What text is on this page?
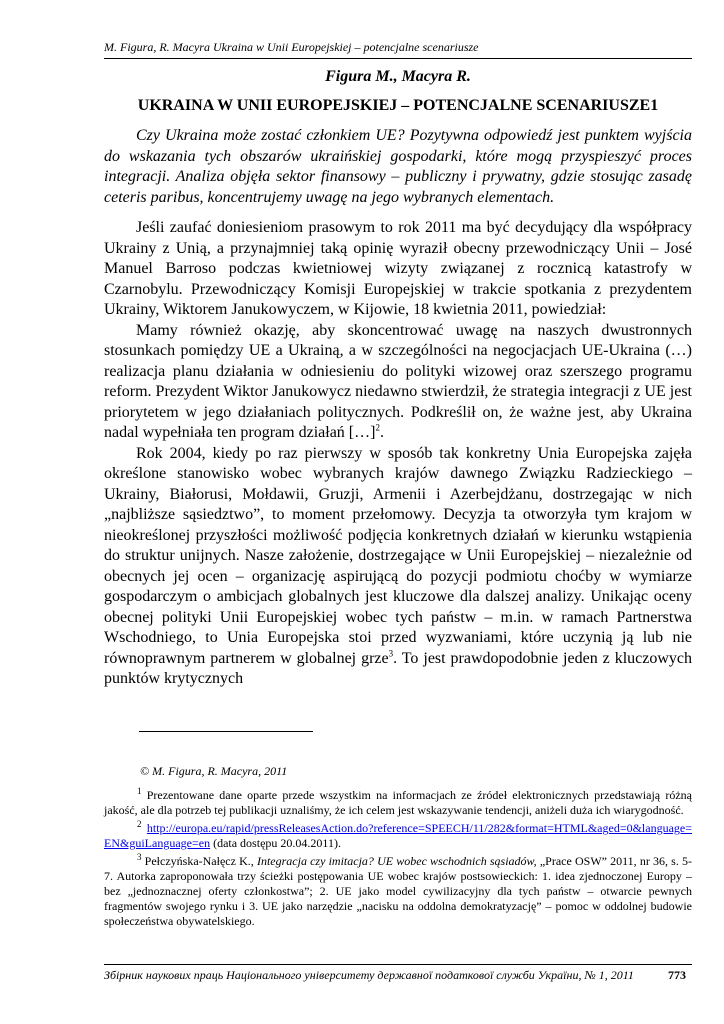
M. Figura, R. Macyra Ukraina w Unii Europejskiej – potencjalne scenariusze
Figura M., Macyra R.
UKRAINA W UNII EUROPEJSKIEJ – POTENCJALNE SCENARIUSZE1

Czy Ukraina może zostać członkiem UE? Pozytywna odpowiedź jest punktem wyjścia do wskazania tych obszarów ukraińskiej gospodarki, które mogą przyspieszyć proces integracji. Analiza objęła sektor finansowy – publiczny i prywatny, gdzie stosując zasadę ceteris paribus, koncentrujemy uwagę na jego wybranych elementach.

Jeśli zaufać doniesieniom prasowym to rok 2011 ma być decydujący dla współpracy Ukrainy z Unią, a przynajmniej taką opinię wyraził obecny przewodniczący Unii – José Manuel Barroso podczas kwietniowej wizyty związanej z rocznicą katastrofy w Czarnobylu. Przewodniczący Komisji Europejskiej w trakcie spotkania z prezydentem Ukrainy, Wiktorem Janukowyczem, w Kijowie, 18 kwietnia 2011, powiedział:

Mamy również okazję, aby skoncentrować uwagę na naszych dwustronnych stosunkach pomiędzy UE a Ukrainą, a w szczególności na negocjacjach UE-Ukraina (…) realizacja planu działania w odniesieniu do polityki wizowej oraz szerszego programu reform. Prezydent Wiktor Janukowycz niedawno stwierdził, że strategia integracji z UE jest priorytetem w jego działaniach politycznych. Podkreślił on, że ważne jest, aby Ukraina nadal wypełniała ten program działań […]$^2$.

Rok 2004, kiedy po raz pierwszy w sposób tak konkretny Unia Europejska zajęła określone stanowisko wobec wybranych krajów dawnego Związku Radzieckiego – Ukrainy, Białorusi, Mołdawii, Gruzji, Armenii i Azerbejdżanu, dostrzegając w nich „najbliższe sąsiedztwo”, to moment przełomowy. Decyzja ta otworzyła tym krajom w nieokreślonej przyszłości możliwość podjęcia konkretnych działań w kierunku wstąpienia do struktur unijnych. Nasze założenie, dostrzegające w Unii Europejskiej – niezależnie od obecnych jej ocen – organizację aspirującą do pozycji podmiotu choćby w wymiarze gospodarczym o ambicjach globalnych jest kluczowe dla dalszej analizy. Unikając oceny obecnej polityki Unii Europejskiej wobec tych państw – m.in. w ramach Partnerstwa Wschodniego, to Unia Europejska stoi przed wyzwaniami, które uczynią ją lub nie równoprawnym partnerem w globalnej grze$^3$. To jest prawdopodobnie jeden z kluczowych punktów krytycznych

© M. Figura, R. Macyra, 2011

$^1$ Prezentowane dane oparte przede wszystkim na informacjach ze źródeł elektronicznych przedstawiają różną jakość, ale dla potrzeb tej publikacji uznaliśmy, że ich celem jest wskazywanie tendencji, aniżeli duża ich wiarygodność.

$^2$ http://europa.eu/rapid/pressReleasesAction.do?reference=SPEECH/11/282&format=HTML&aged=0&language=EN&guiLanguage=en (data dostępu 20.04.2011).

$^3$ Pełczyńska-Nałęcz K., Integracja czy imitacja? UE wobec wschodnich sąsiadów, „Prace OSW” 2011, nr 36, s. 5-7. Autorka zaproponowała trzy ścieżki postępowania UE wobec krajów postsowieckich: 1. idea zjednoczonej Europy – bez „jednoznacznej oferty członkostwa”; 2. UE jako model cywilizacyjny dla tych państw – otwarcie pewnych fragmentów swojego rynku i 3. UE jako narzędzie „nacisku na oddolna demokratyzację” – pomoc w oddolnej budowie społeczeństwa obywatelskiego.

Збірник наукових праць Національного університету державної податкової служби України, № 1, 2011	773
